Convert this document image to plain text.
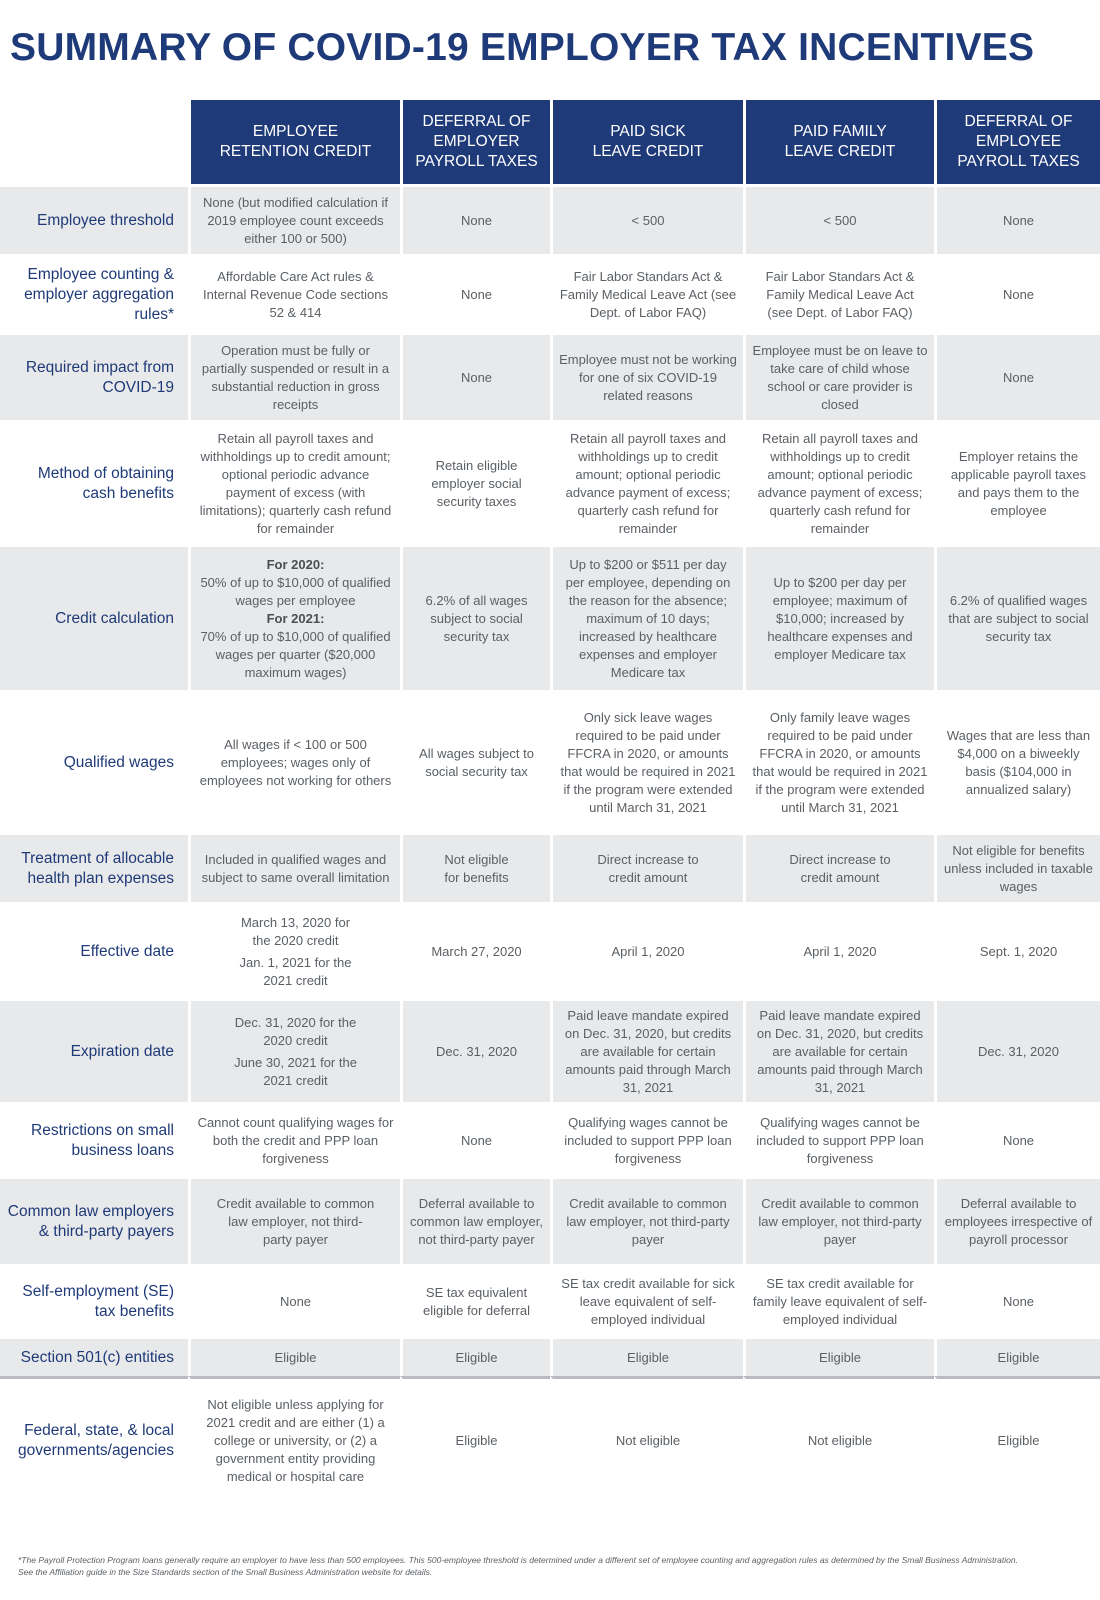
SUMMARY OF COVID-19 EMPLOYER TAX INCENTIVES
	EMPLOYEE RETENTION CREDIT	DEFERRAL OF EMPLOYER PAYROLL TAXES	PAID SICK LEAVE CREDIT	PAID FAMILY LEAVE CREDIT	DEFERRAL OF EMPLOYEE PAYROLL TAXES
Employee threshold	None (but modified calculation if 2019 employee count exceeds either 100 or 500)	None	< 500	< 500	None
Employee counting & employer aggregation rules*	Affordable Care Act rules & Internal Revenue Code sections 52 & 414	None	Fair Labor Standars Act & Family Medical Leave Act (see Dept. of Labor FAQ)	Fair Labor Standars Act & Family Medical Leave Act (see Dept. of Labor FAQ)	None
Required impact from COVID-19	Operation must be fully or partially suspended or result in a substantial reduction in gross receipts	None	Employee must not be working for one of six COVID-19 related reasons	Employee must be on leave to take care of child whose school or care provider is closed	None
Method of obtaining cash benefits	Retain all payroll taxes and withholdings up to credit amount; optional periodic advance payment of excess (with limitations); quarterly cash refund for remainder	Retain eligible employer social security taxes	Retain all payroll taxes and withholdings up to credit amount; optional periodic advance payment of excess; quarterly cash refund for remainder	Retain all payroll taxes and withholdings up to credit amount; optional periodic advance payment of excess; quarterly cash refund for remainder	Employer retains the applicable payroll taxes and pays them to the employee
Credit calculation	For 2020:
50% of up to $10,000 of qualified wages per employee
For 2021:
70% of up to $10,000 of qualified wages per quarter ($20,000 maximum wages)	6.2% of all wages subject to social security tax	Up to $200 or $511 per day per employee, depending on the reason for the absence; maximum of 10 days; increased by healthcare expenses and employer Medicare tax	Up to $200 per day per employee; maximum of $10,000; increased by healthcare expenses and employer Medicare tax	6.2% of qualified wages that are subject to social security tax
Qualified wages	All wages if < 100 or 500 employees; wages only of employees not working for others	All wages subject to social security tax	Only sick leave wages required to be paid under FFCRA in 2020, or amounts that would be required in 2021 if the program were extended until March 31, 2021	Only family leave wages required to be paid under FFCRA in 2020, or amounts that would be required in 2021 if the program were extended until March 31, 2021	Wages that are less than $4,000 on a biweekly basis ($104,000 in annualized salary)
Treatment of allocable health plan expenses	Included in qualified wages and subject to same overall limitation	Not eligible for benefits	Direct increase to credit amount	Direct increase to credit amount	Not eligible for benefits unless included in taxable wages
Effective date	March 13, 2020 for the 2020 credit
Jan. 1, 2021 for the 2021 credit	March 27, 2020	April 1, 2020	April 1, 2020	Sept. 1, 2020
Expiration date	Dec. 31, 2020 for the 2020 credit
June 30, 2021 for the 2021 credit	Dec. 31, 2020	Paid leave mandate expired on Dec. 31, 2020, but credits are available for certain amounts paid through March 31, 2021	Paid leave mandate expired on Dec. 31, 2020, but credits are available for certain amounts paid through March 31, 2021	Dec. 31, 2020
Restrictions on small business loans	Cannot count qualifying wages for both the credit and PPP loan forgiveness	None	Qualifying wages cannot be included to support PPP loan forgiveness	Qualifying wages cannot be included to support PPP loan forgiveness	None
Common law employers & third-party payers	Credit available to common law employer, not third-party payer	Deferral available to common law employer, not third-party payer	Credit available to common law employer, not third-party payer	Credit available to common law employer, not third-party payer	Deferral available to employees irrespective of payroll processor
Self-employment (SE) tax benefits	None	SE tax equivalent eligible for deferral	SE tax credit available for sick leave equivalent of self-employed individual	SE tax credit available for family leave equivalent of self-employed individual	None
Section 501(c) entities	Eligible	Eligible	Eligible	Eligible	Eligible
Federal, state, & local governments/agencies	Not eligible unless applying for 2021 credit and are either (1) a college or university, or (2) a government entity providing medical or hospital care	Eligible	Not eligible	Not eligible	Eligible
*The Payroll Protection Program loans generally require an employer to have less than 500 employees. This 500-employee threshold is determined under a different set of employee counting and aggregation rules as determined by the Small Business Administration. See the Affiliation guide in the Size Standards section of the Small Business Administration website for details.
